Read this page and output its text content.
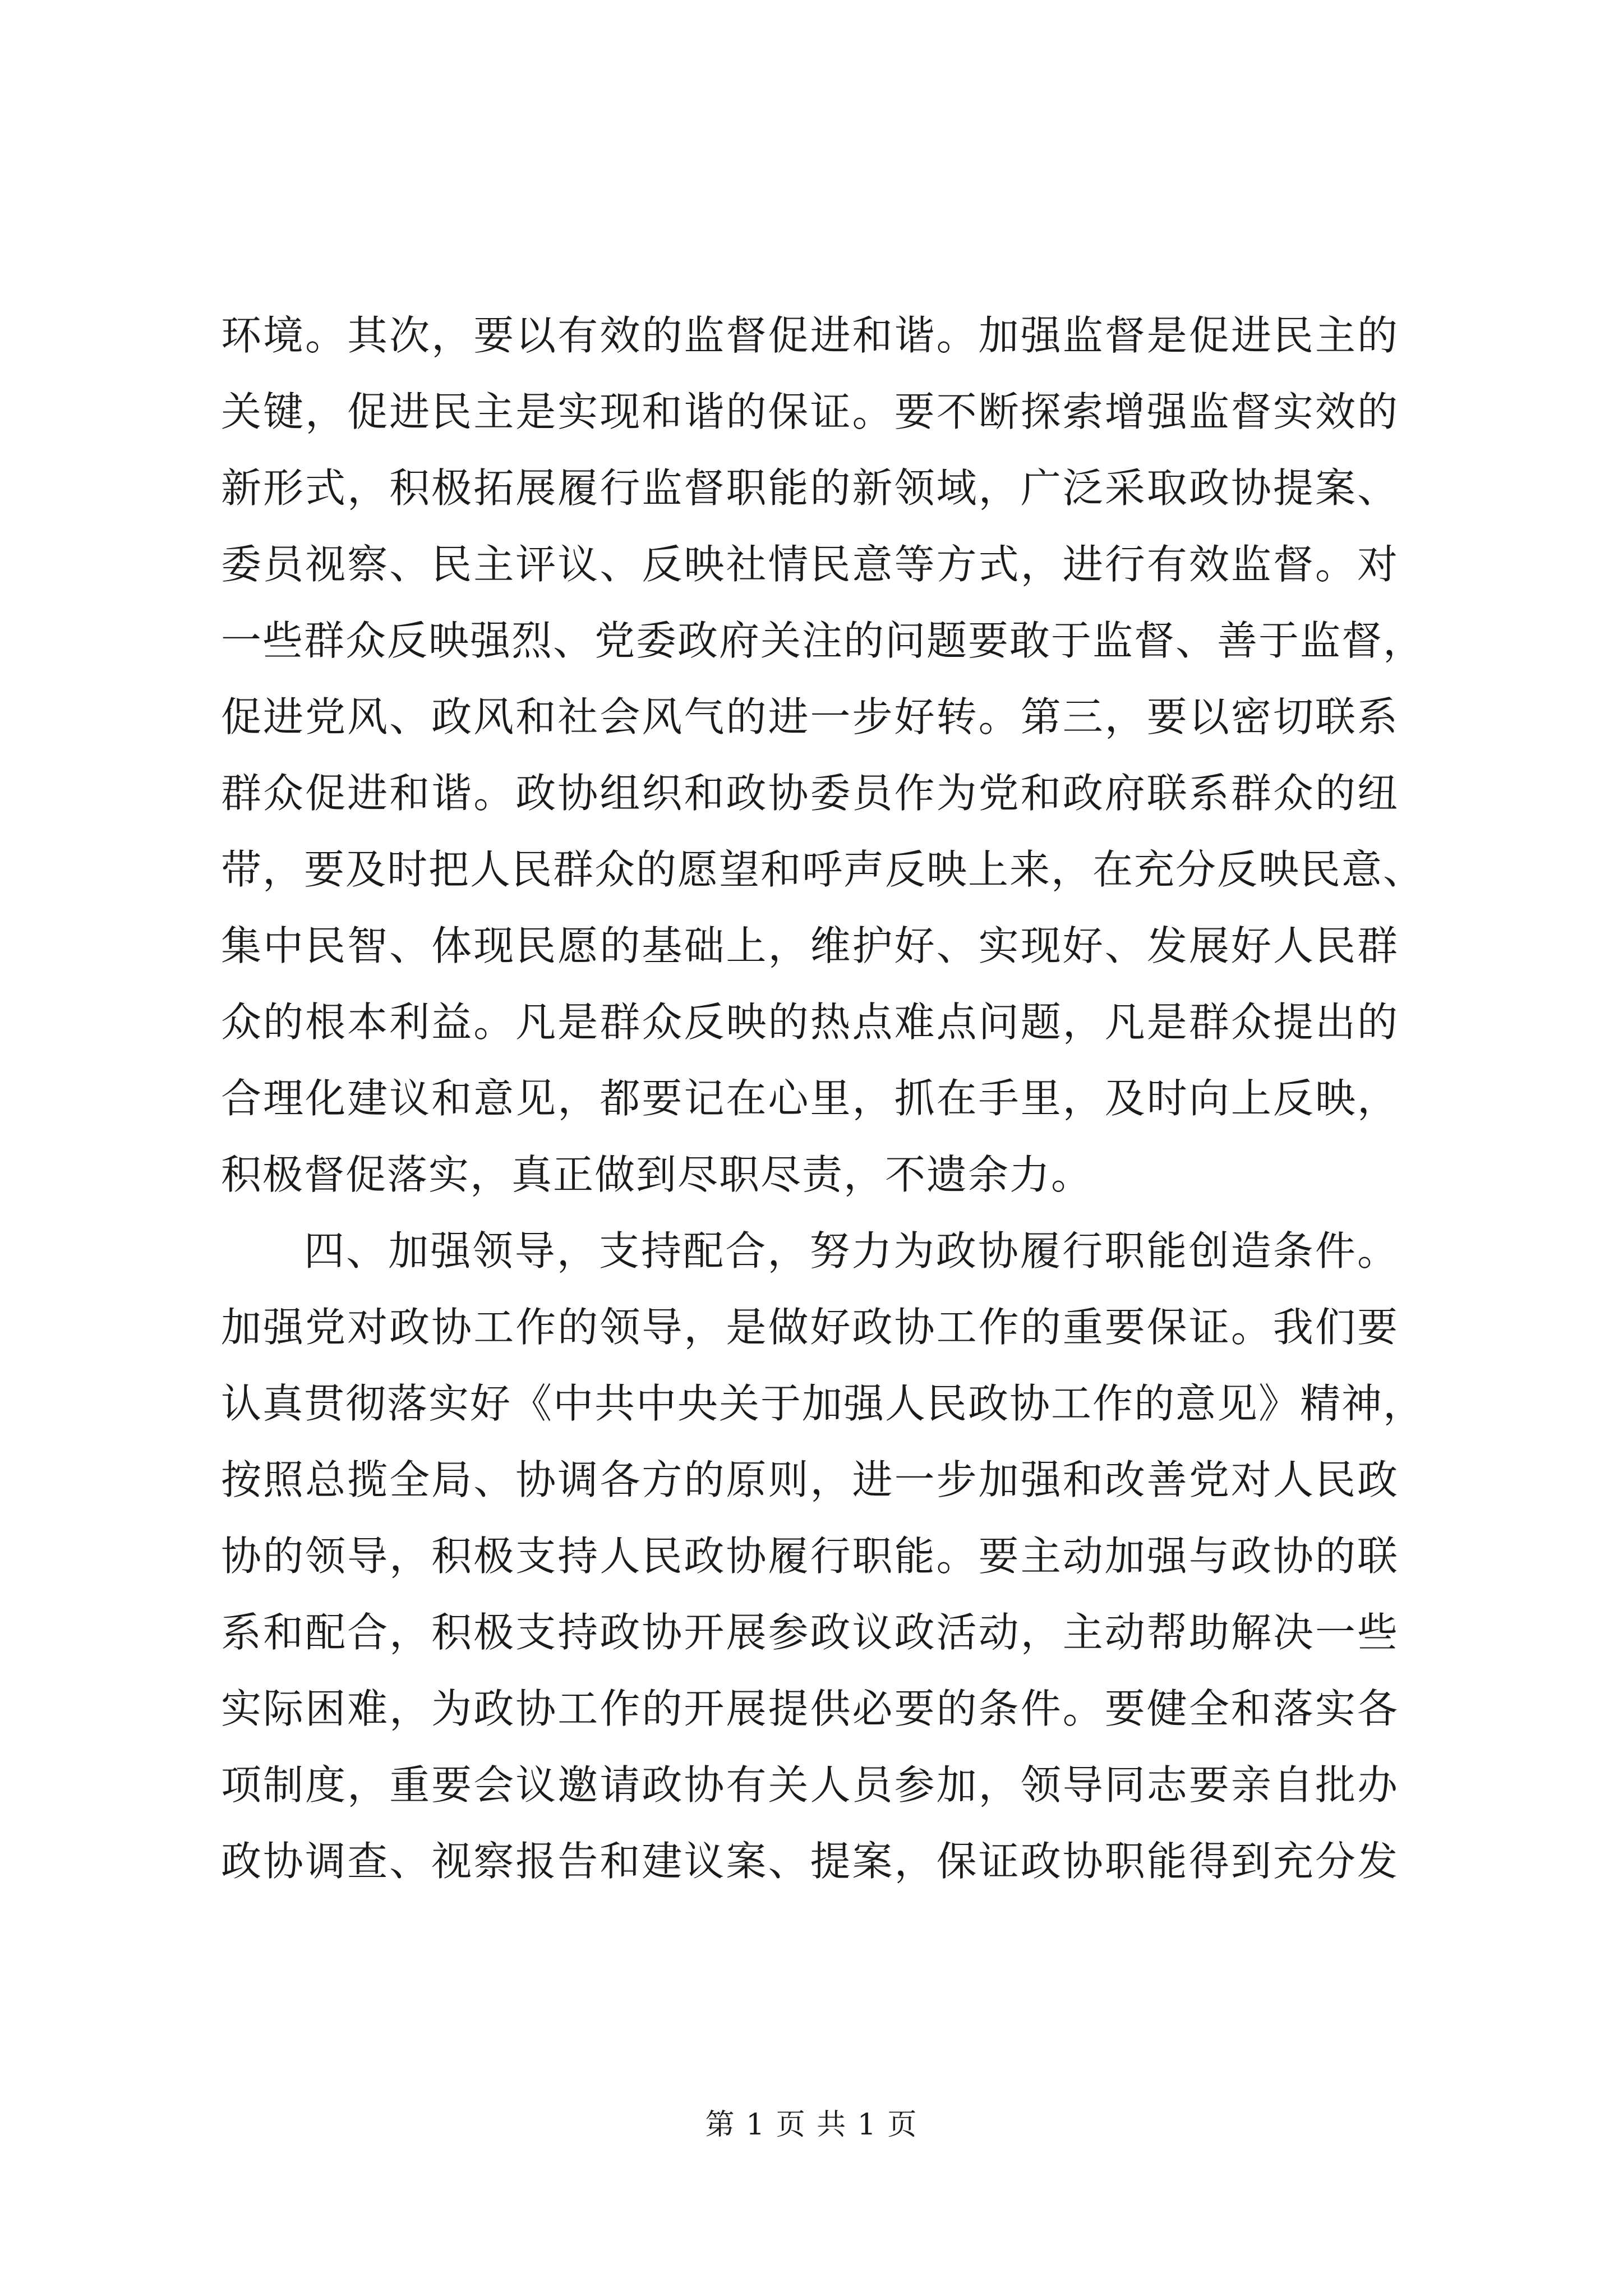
环境。其次，要以有效的监督促进和谐。加强监督是促进民主的
关键，促进民主是实现和谐的保证。要不断探索增强监督实效的
新形式，积极拓展履行监督职能的新领域，广泛采取政协提案、
委员视察、民主评议、反映社情民意等方式，进行有效监督。对
一些群众反映强烈、党委政府关注的问题要敢于监督、善于监督，
促进党风、政风和社会风气的进一步好转。第三，要以密切联系
群众促进和谐。政协组织和政协委员作为党和政府联系群众的纽
带，要及时把人民群众的愿望和呼声反映上来，在充分反映民意、
集中民智、体现民愿的基础上，维护好、实现好、发展好人民群
众的根本利益。凡是群众反映的热点难点问题，凡是群众提出的
合理化建议和意见，都要记在心里，抓在手里，及时向上反映，
积极督促落实，真正做到尽职尽责，不遗余力。
四、加强领导，支持配合，努力为政协履行职能创造条件。
加强党对政协工作的领导，是做好政协工作的重要保证。我们要
认真贯彻落实好《中共中央关于加强人民政协工作的意见》精神，
按照总揽全局、协调各方的原则，进一步加强和改善党对人民政
协的领导，积极支持人民政协履行职能。要主动加强与政协的联
系和配合，积极支持政协开展参政议政活动，主动帮助解决一些
实际困难，为政协工作的开展提供必要的条件。要健全和落实各
项制度，重要会议邀请政协有关人员参加，领导同志要亲自批办
政协调查、视察报告和建议案、提案，保证政协职能得到充分发
第 1 页 共 1 页
